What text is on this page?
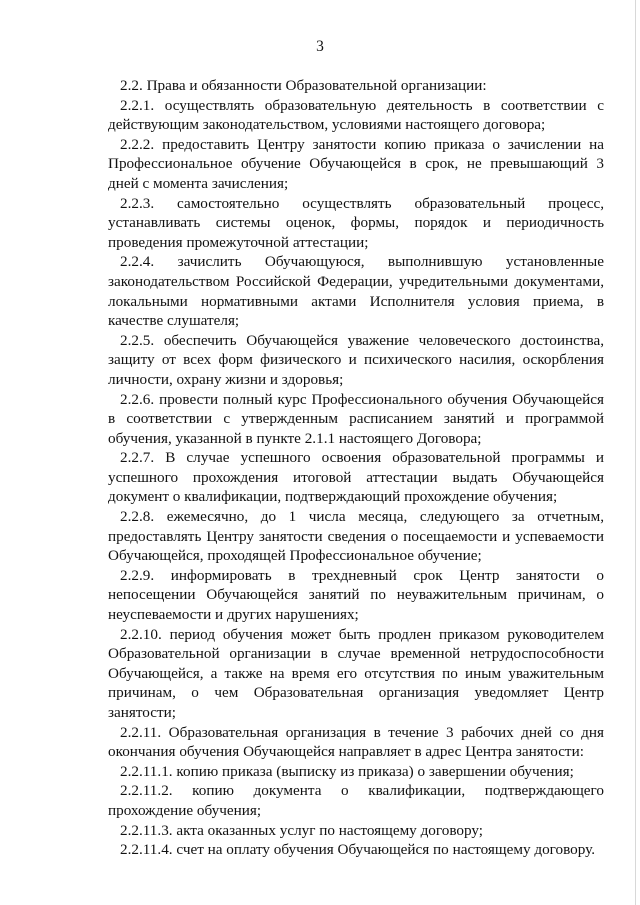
3

2.2. Права и обязанности Образовательной организации:

2.2.1. осуществлять образовательную деятельность в соответствии с действующим законодательством, условиями настоящего договора;

2.2.2. предоставить Центру занятости копию приказа о зачислении на Профессиональное обучение Обучающейся в срок, не превышающий 3 дней с момента зачисления;

2.2.3. самостоятельно осуществлять образовательный процесс, устанавливать системы оценок, формы, порядок и периодичность проведения промежуточной аттестации;

2.2.4. зачислить Обучающуюся, выполнившую установленные законодательством Российской Федерации, учредительными документами, локальными нормативными актами Исполнителя условия приема, в качестве слушателя;

2.2.5. обеспечить Обучающейся уважение человеческого достоинства, защиту от всех форм физического и психического насилия, оскорбления личности, охрану жизни и здоровья;

2.2.6. провести полный курс Профессионального обучения Обучающейся в соответствии с утвержденным расписанием занятий и программой обучения, указанной в пункте 2.1.1 настоящего Договора;

2.2.7. В случае успешного освоения образовательной программы и успешного прохождения итоговой аттестации выдать Обучающейся документ о квалификации, подтверждающий прохождение обучения;

2.2.8. ежемесячно, до 1 числа месяца, следующего за отчетным, предоставлять Центру занятости сведения о посещаемости и успеваемости Обучающейся, проходящей Профессиональное обучение;

2.2.9. информировать в трехдневный срок Центр занятости о непосещении Обучающейся занятий по неуважительным причинам, о неуспеваемости и других нарушениях;

2.2.10. период обучения может быть продлен приказом руководителем Образовательной организации в случае временной нетрудоспособности Обучающейся, а также на время его отсутствия по иным уважительным причинам, о чем Образовательная организация уведомляет Центр занятости;

2.2.11. Образовательная организация в течение 3 рабочих дней со дня окончания обучения Обучающейся направляет в адрес Центра занятости:

2.2.11.1. копию приказа (выписку из приказа) о завершении обучения;

2.2.11.2. копию документа о квалификации, подтверждающего прохождение обучения;

2.2.11.3. акта оказанных услуг по настоящему договору;

2.2.11.4. счет на оплату обучения Обучающейся по настоящему договору.
